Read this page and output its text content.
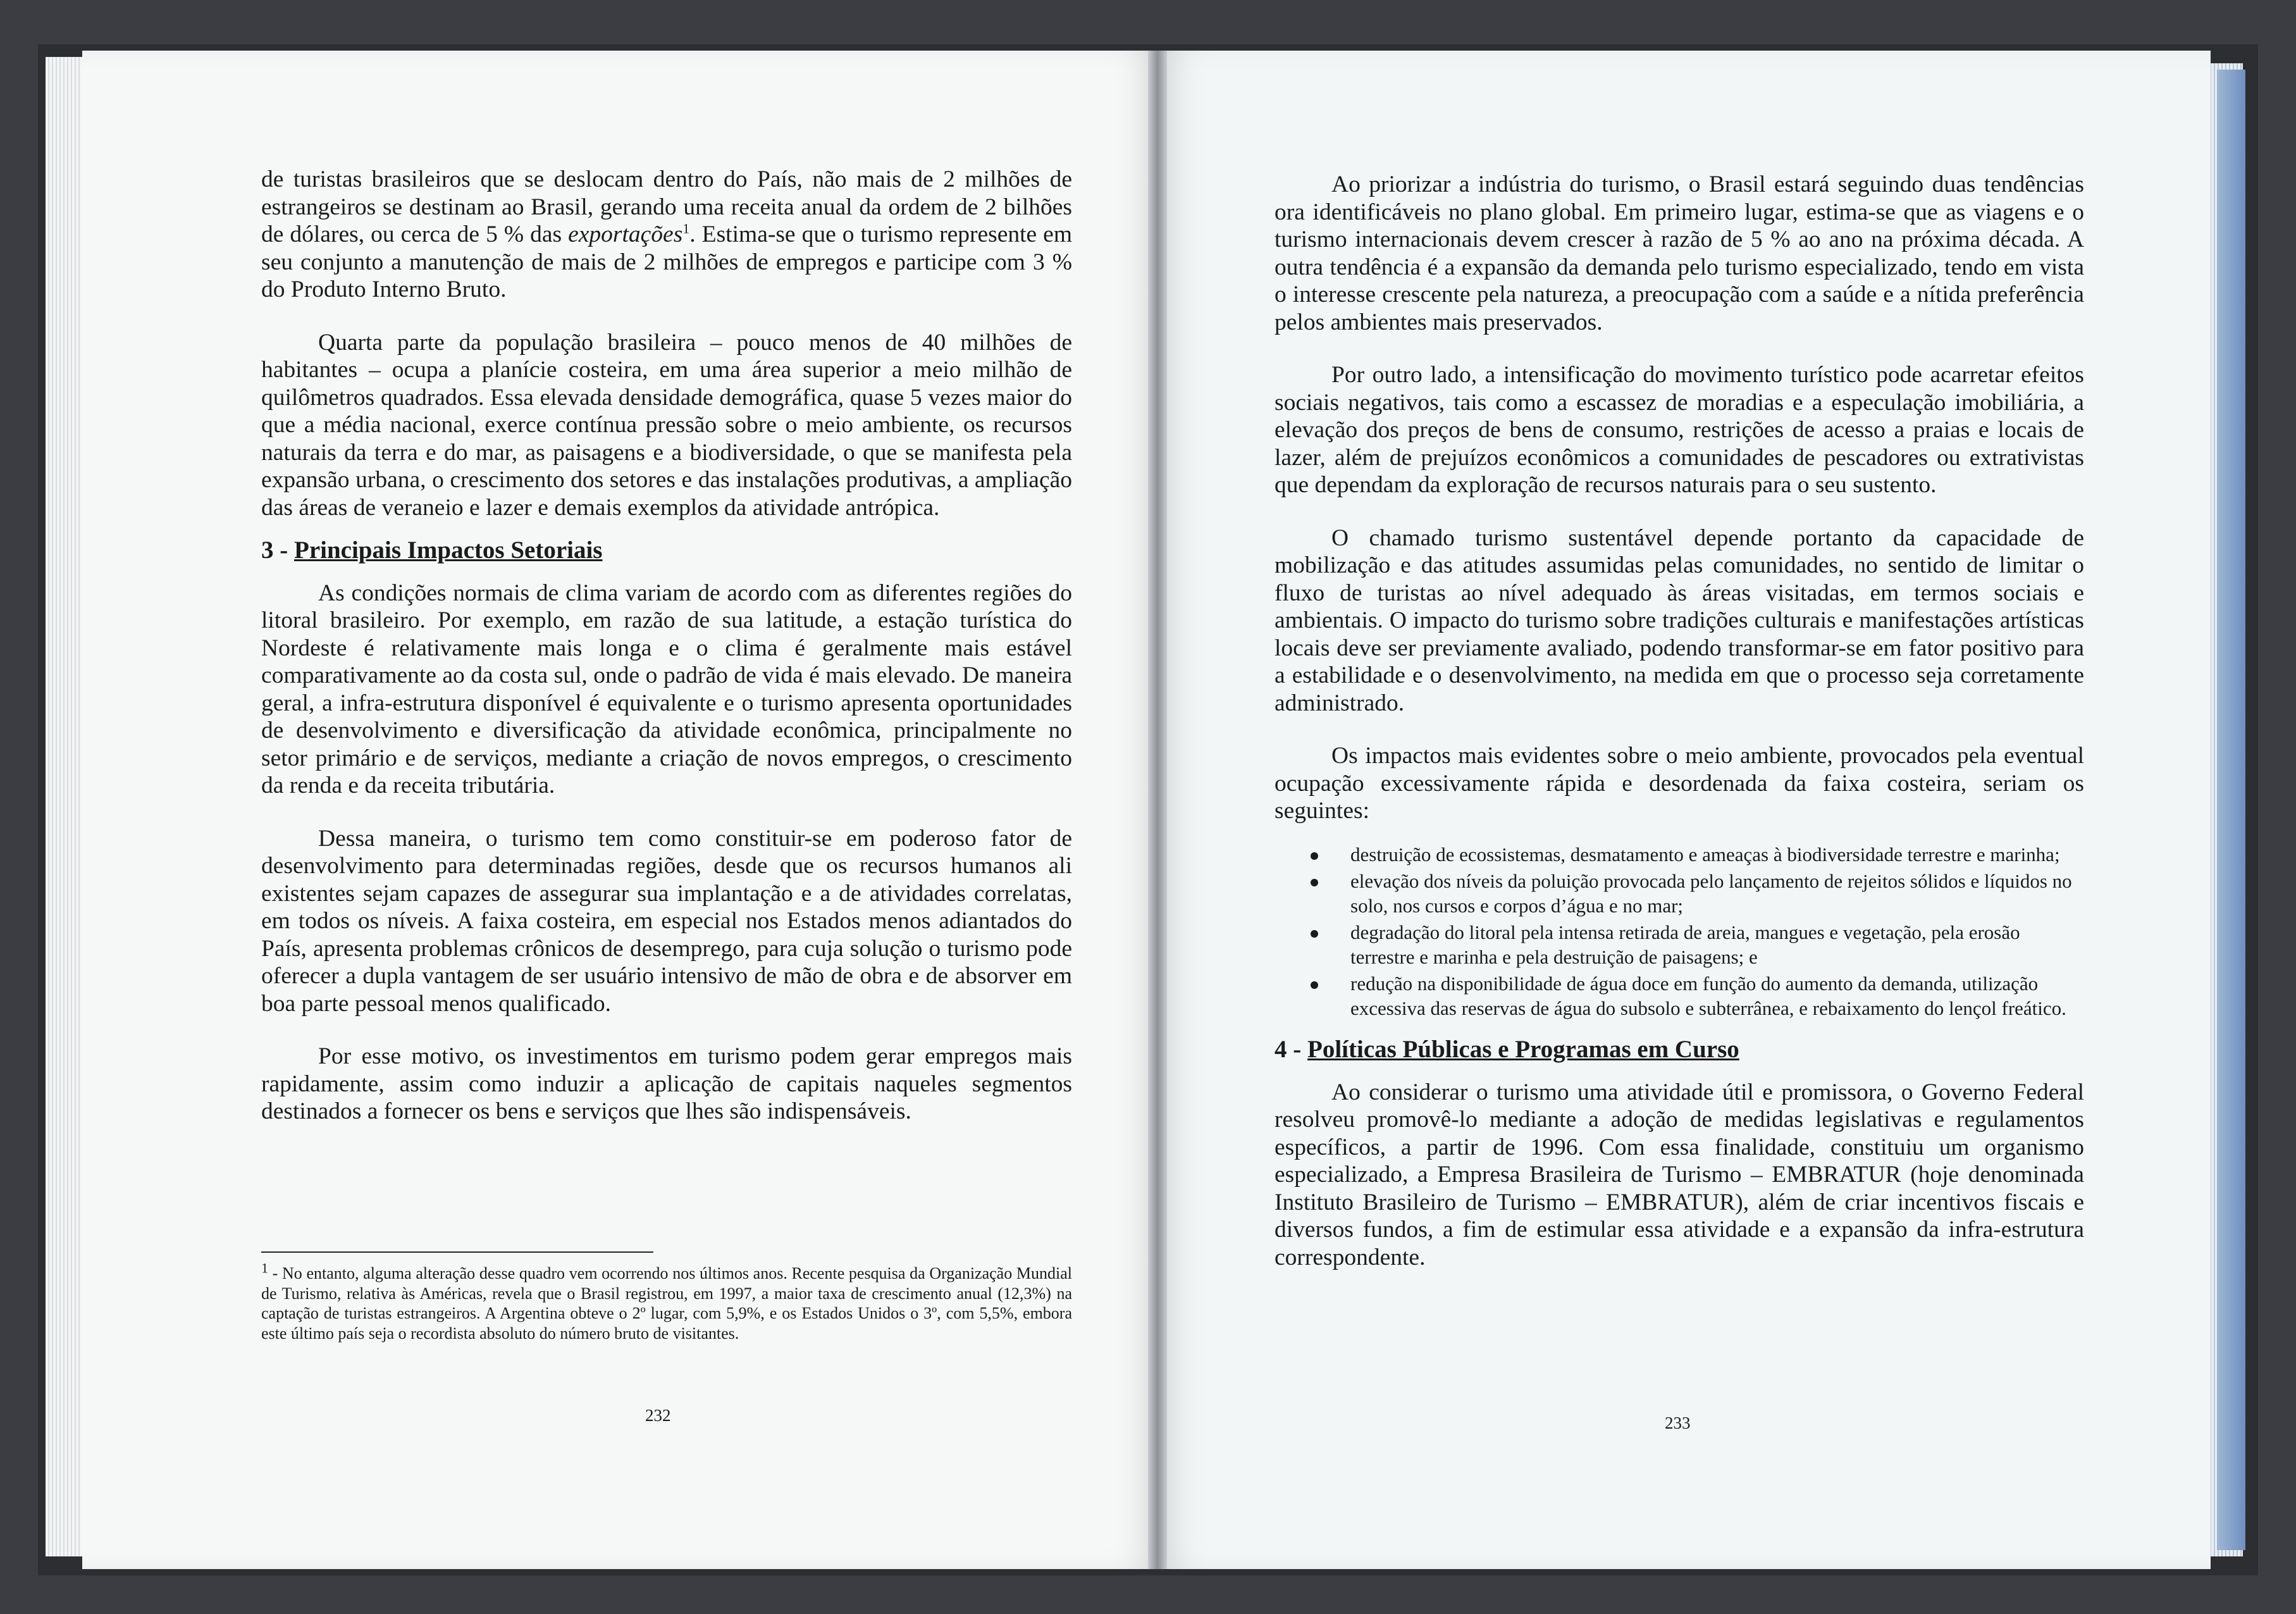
de turistas brasileiros que se deslocam dentro do País, não mais de 2 milhões de estrangeiros se destinam ao Brasil, gerando uma receita anual da ordem de 2 bilhões de dólares, ou cerca de 5 % das exportações$^1$. Estima-se que o turismo represente em seu conjunto a manutenção de mais de 2 milhões de empregos e participe com 3 % do Produto Interno Bruto.

Quarta parte da população brasileira – pouco menos de 40 milhões de habitantes – ocupa a planície costeira, em uma área superior a meio milhão de quilômetros quadrados. Essa elevada densidade demográfica, quase 5 vezes maior do que a média nacional, exerce contínua pressão sobre o meio ambiente, os recursos naturais da terra e do mar, as paisagens e a biodiversidade, o que se manifesta pela expansão urbana, o crescimento dos setores e das instalações produtivas, a ampliação das áreas de veraneio e lazer e demais exemplos da atividade antrópica.

3 - Principais Impactos Setoriais

As condições normais de clima variam de acordo com as diferentes regiões do litoral brasileiro. Por exemplo, em razão de sua latitude, a estação turística do Nordeste é relativamente mais longa e o clima é geralmente mais estável comparativamente ao da costa sul, onde o padrão de vida é mais elevado. De maneira geral, a infra-estrutura disponível é equivalente e o turismo apresenta oportunidades de desenvolvimento e diversificação da atividade econômica, principalmente no setor primário e de serviços, mediante a criação de novos empregos, o crescimento da renda e da receita tributária.

Dessa maneira, o turismo tem como constituir-se em poderoso fator de desenvolvimento para determinadas regiões, desde que os recursos humanos ali existentes sejam capazes de assegurar sua implantação e a de atividades correlatas, em todos os níveis. A faixa costeira, em especial nos Estados menos adiantados do País, apresenta problemas crônicos de desemprego, para cuja solução o turismo pode oferecer a dupla vantagem de ser usuário intensivo de mão de obra e de absorver em boa parte pessoal menos qualificado.

Por esse motivo, os investimentos em turismo podem gerar empregos mais rapidamente, assim como induzir a aplicação de capitais naqueles segmentos destinados a fornecer os bens e serviços que lhes são indispensáveis.

$^1$ - No entanto, alguma alteração desse quadro vem ocorrendo nos últimos anos. Recente pesquisa da Organização Mundial de Turismo, relativa às Américas, revela que o Brasil registrou, em 1997, a maior taxa de crescimento anual (12,3%) na captação de turistas estrangeiros. A Argentina obteve o 2º lugar, com 5,9%, e os Estados Unidos o 3º, com 5,5%, embora este último país seja o recordista absoluto do número bruto de visitantes.
232

Ao priorizar a indústria do turismo, o Brasil estará seguindo duas tendências ora identificáveis no plano global. Em primeiro lugar, estima-se que as viagens e o turismo internacionais devem crescer à razão de 5 % ao ano na próxima década. A outra tendência é a expansão da demanda pelo turismo especializado, tendo em vista o interesse crescente pela natureza, a preocupação com a saúde e a nítida preferência pelos ambientes mais preservados.

Por outro lado, a intensificação do movimento turístico pode acarretar efeitos sociais negativos, tais como a escassez de moradias e a especulação imobiliária, a elevação dos preços de bens de consumo, restrições de acesso a praias e locais de lazer, além de prejuízos econômicos a comunidades de pescadores ou extrativistas que dependam da exploração de recursos naturais para o seu sustento.

O chamado turismo sustentável depende portanto da capacidade de mobilização e das atitudes assumidas pelas comunidades, no sentido de limitar o fluxo de turistas ao nível adequado às áreas visitadas, em termos sociais e ambientais. O impacto do turismo sobre tradições culturais e manifestações artísticas locais deve ser previamente avaliado, podendo transformar-se em fator positivo para a estabilidade e o desenvolvimento, na medida em que o processo seja corretamente administrado.

Os impactos mais evidentes sobre o meio ambiente, provocados pela eventual ocupação excessivamente rápida e desordenada da faixa costeira, seriam os seguintes:

destruição de ecossistemas, desmatamento e ameaças à biodiversidade terrestre e marinha;
elevação dos níveis da poluição provocada pelo lançamento de rejeitos sólidos e líquidos no solo, nos cursos e corpos d’água e no mar;
degradação do litoral pela intensa retirada de areia, mangues e vegetação, pela erosão terrestre e marinha e pela destruição de paisagens; e
redução na disponibilidade de água doce em função do aumento da demanda, utilização excessiva das reservas de água do subsolo e subterrânea, e rebaixamento do lençol freático.
4 - Políticas Públicas e Programas em Curso

Ao considerar o turismo uma atividade útil e promissora, o Governo Federal resolveu promovê-lo mediante a adoção de medidas legislativas e regulamentos específicos, a partir de 1996. Com essa finalidade, constituiu um organismo especializado, a Empresa Brasileira de Turismo – EMBRATUR (hoje denominada Instituto Brasileiro de Turismo – EMBRATUR), além de criar incentivos fiscais e diversos fundos, a fim de estimular essa atividade e a expansão da infra-estrutura correspondente.

233
